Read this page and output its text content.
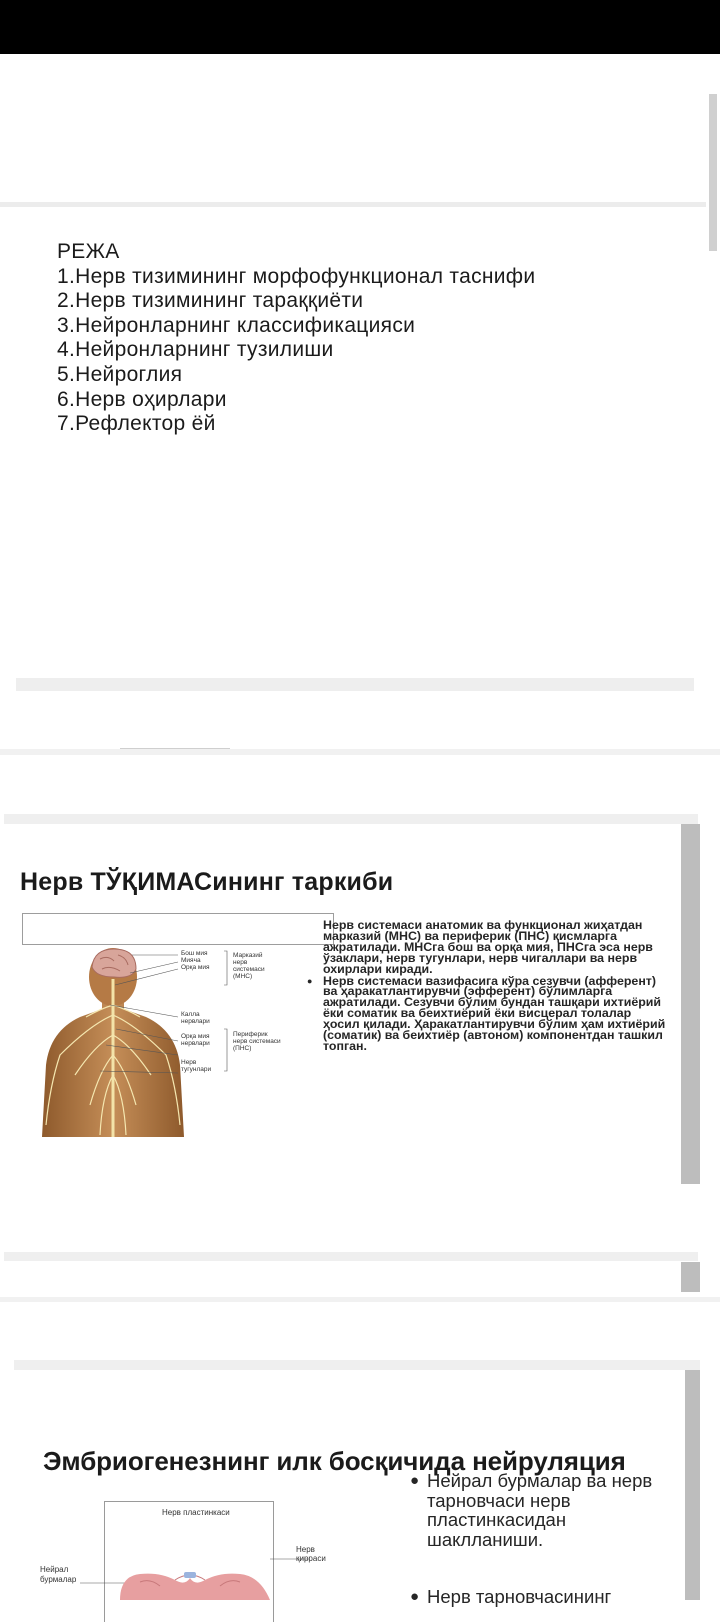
РЕЖА
1.Нерв тизимининг морфофункционал таснифи
2.Нерв тизимининг тараққиёти
3.Нейронларнинг классификацияси
4.Нейронларнинг тузилиши
5.Нейроглия
6.Нерв оҳирлари
7.Рефлектор ёй
Нерв ТЎҚИМАСининг таркиби
Бош мия
Мияча
Орқа мия
Марказий нерв системаси (МНС)
Калла нервлари
Орқа мия нервлари
Нерв тугунлари
Периферик нерв системаси (ПНС)

Нерв системаси анатомик ва функционал жиҳатдан марказий (МНС) ва периферик (ПНС) қисмларга ажратилади. МНСга бош ва орқа мия, ПНСга эса нерв ўзаклари, нерв тугунлари, нерв чигаллари ва нерв охирлари киради.

● Нерв системаси вазифасига кўра сезувчи (афферент) ва ҳаракатлантирувчи (эфферент) бўлимларга ажратилади. Сезувчи бўлим бундан ташқари ихтиёрий ёки соматик ва беихтиёрий ёки висцерал толалар ҳосил қилади. Ҳаракатлантирувчи бўлим ҳам ихтиёрий (соматик) ва беихтиёр (автоном) компонентдан ташкил топган.

Эмбриогенезнинг илк босқичида нейруляция
● Нейрал бурмалар ва нерв тарновчаси нерв пластинкасидан шаклланиши.
● Нерв тарновчасининг
Нерв пластинкаси
Нерв қирраси
Нейрал бурмалар
